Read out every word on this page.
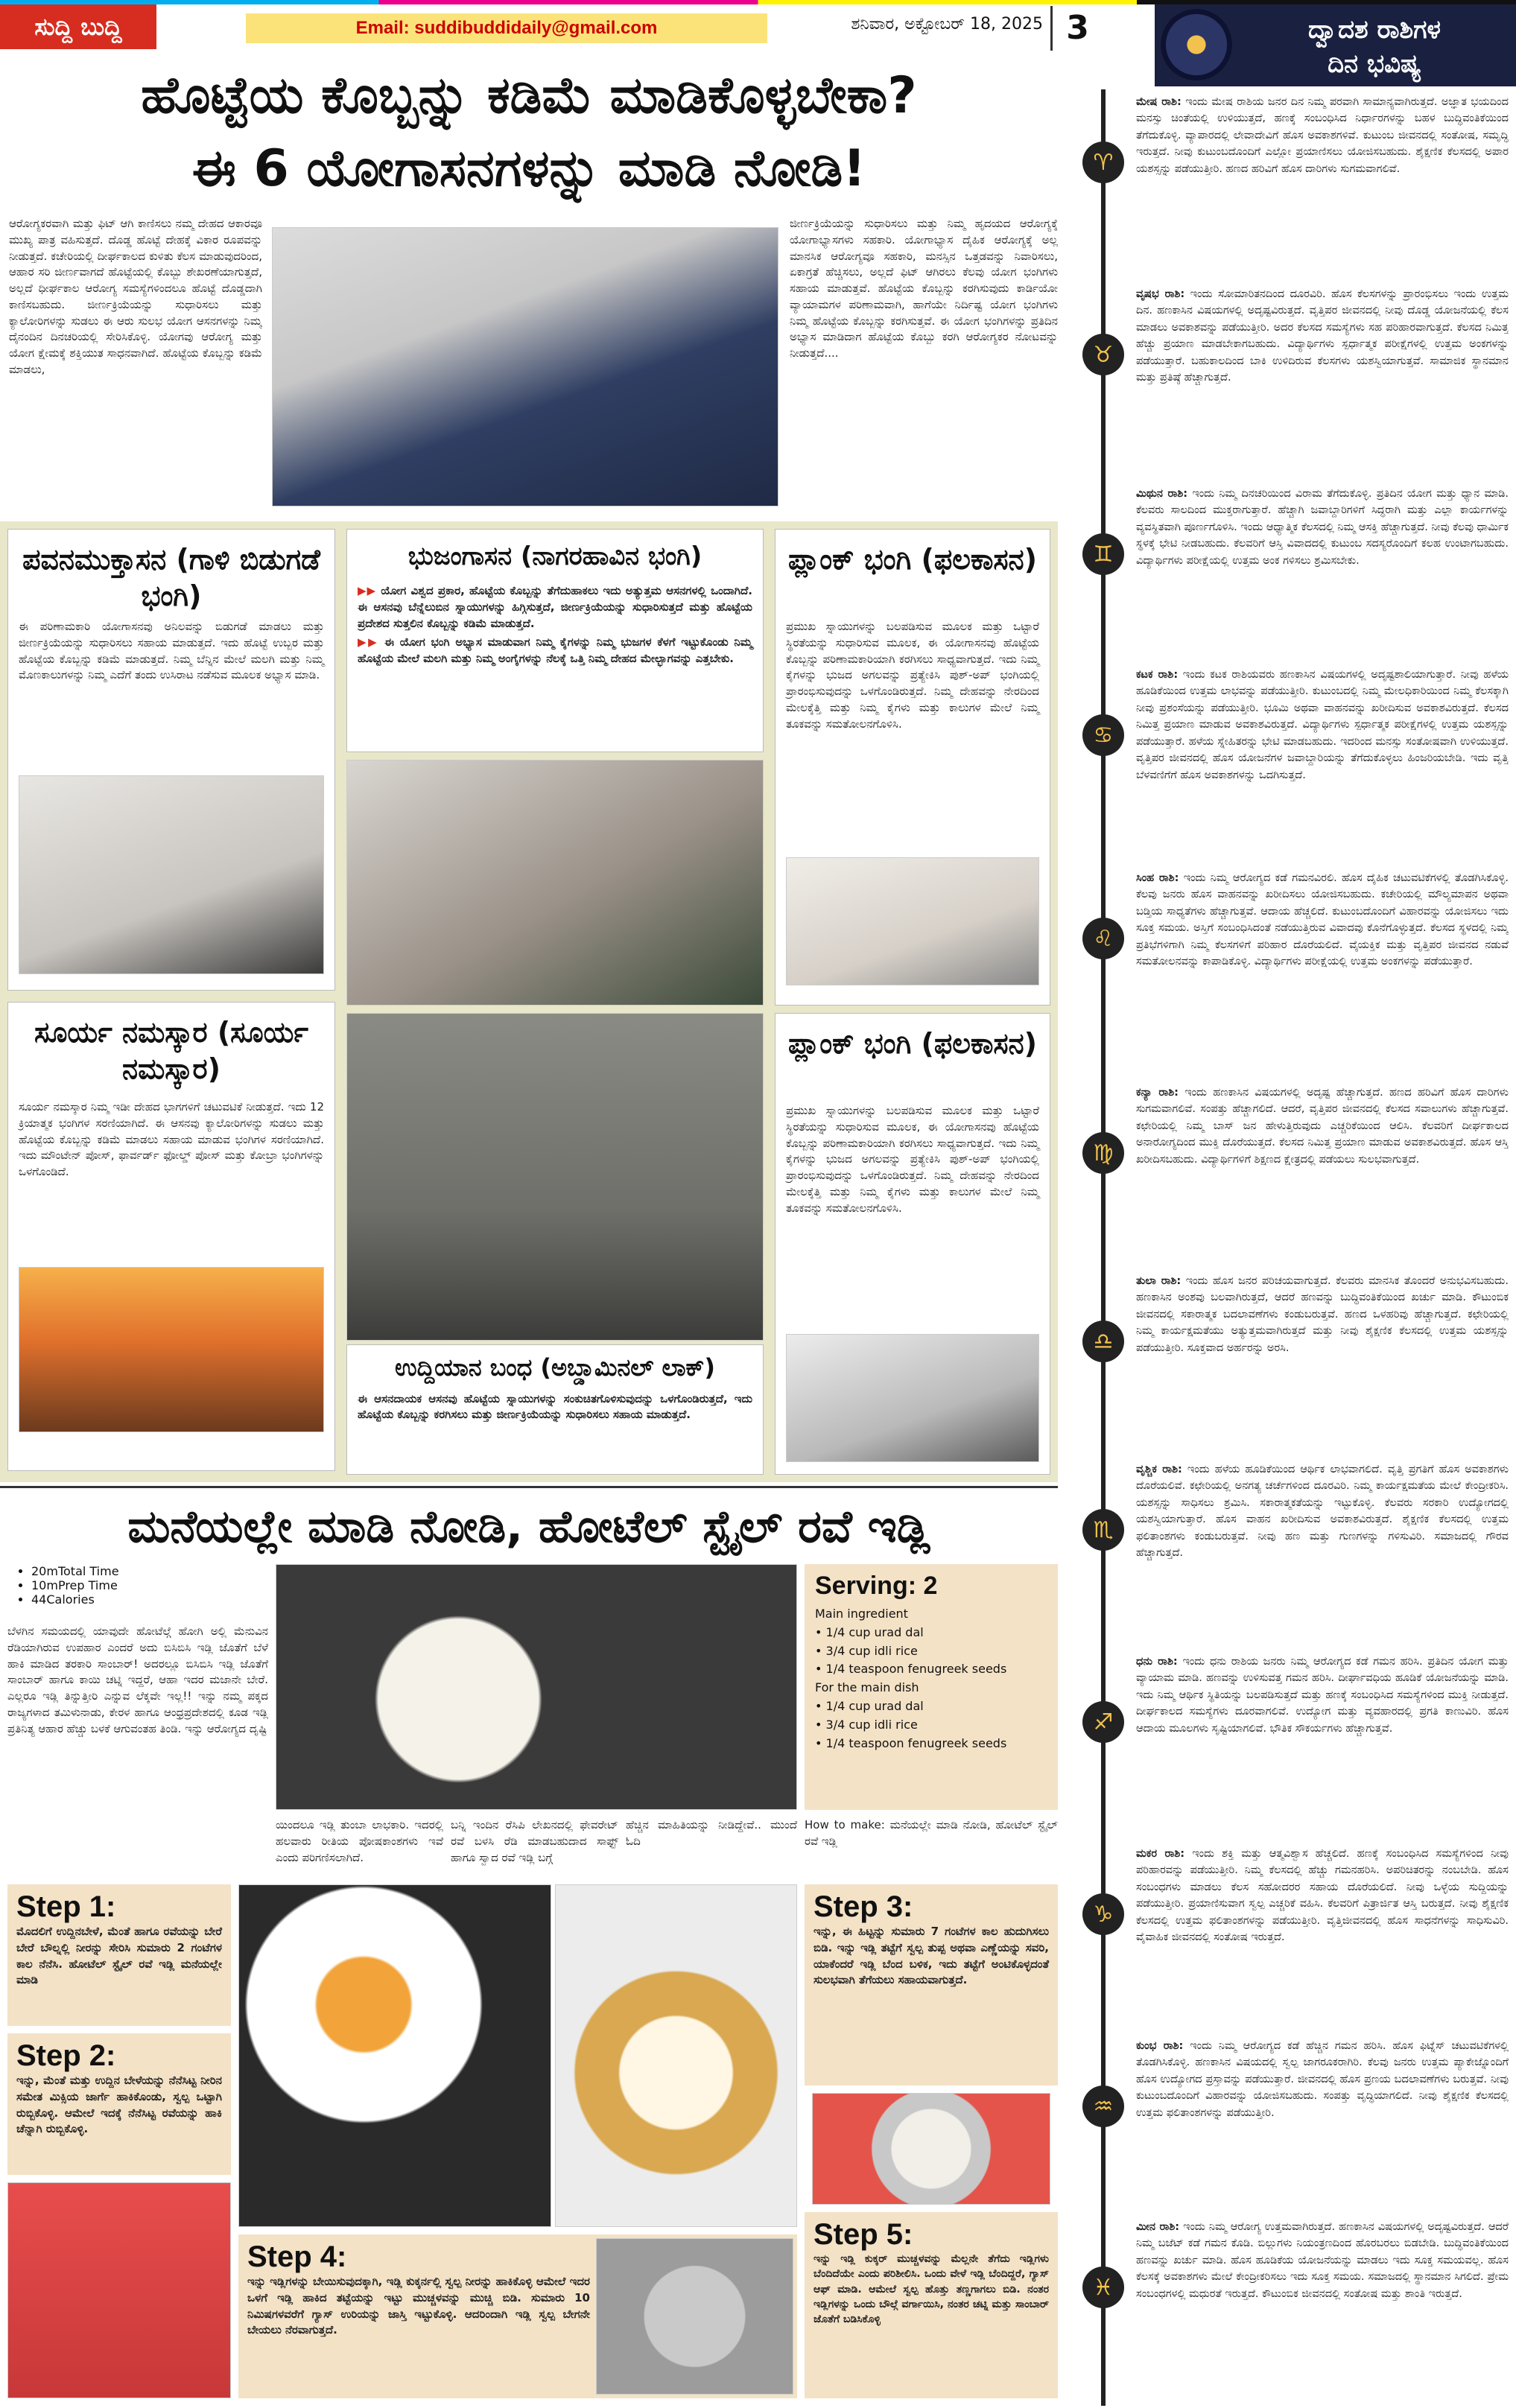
ಸುದ್ದಿ ಬುದ್ದಿ	Email: suddibuddidaily@gmail.com	ಶನಿವಾರ, ಅಕ್ಟೋಬರ್ 18, 2025 3
ಹೊಟ್ಟೆಯ ಕೊಬ್ಬನ್ನು ಕಡಿಮೆ ಮಾಡಿಕೊಳ್ಳಬೇಕಾ?
ಈ 6 ಯೋಗಾಸನಗಳನ್ನು ಮಾಡಿ ನೋಡಿ!
ಆರೋಗ್ಯಕರವಾಗಿ ಮತ್ತು ಫಿಟ್ ಆಗಿ ಕಾಣಿಸಲು ನಮ್ಮ ದೇಹದ ಆಕಾರವೂ ಮುಖ್ಯ ಪಾತ್ರ ವಹಿಸುತ್ತದೆ. ದೊಡ್ಡ ಹೊಟ್ಟೆ ದೇಹಕ್ಕೆ ವಿಕಾರ ರೂಪವನ್ನು ನೀಡುತ್ತದೆ. ಕಚೇರಿಯಲ್ಲಿ ದೀರ್ಘಕಾಲದ ಕುಳಿತು ಕೆಲಸ ಮಾಡುವುದರಿಂದ, ಆಹಾರ ಸರಿ ಜೀರ್ಣವಾಗದೆ ಹೊಟ್ಟೆಯಲ್ಲಿ ಕೊಬ್ಬು ಶೇಖರಣೆಯಾಗುತ್ತದೆ, ಅಲ್ಲದೆ ಧೀರ್ಘಕಾಲ ಆರೋಗ್ಯ ಸಮಸ್ಯೆಗಳಿಂದಲೂ ಹೊಟ್ಟೆ ದೊಡ್ಡದಾಗಿ ಕಾಣಿಸಬಹುದು. ಜೀರ್ಣಕ್ರಿಯೆಯನ್ನು ಸುಧಾರಿಸಲು ಮತ್ತು ಕ್ಯಾಲೋರಿಗಳನ್ನು ಸುಡಲು ಈ ಆರು ಸುಲಭ ಯೋಗ ಆಸನಗಳನ್ನು ನಿಮ್ಮ ದೈನಂದಿನ ದಿನಚರಿಯಲ್ಲಿ ಸೇರಿಸಿಕೊಳ್ಳಿ. ಯೋಗವು ಆರೋಗ್ಯ ಮತ್ತು ಯೋಗ ಕ್ಷೇಮಕ್ಕೆ ಶಕ್ತಿಯುತ ಸಾಧನವಾಗಿದೆ. ಹೊಟ್ಟೆಯ ಕೊಬ್ಬನ್ನು ಕಡಿಮೆ ಮಾಡಲು,
ಜೀರ್ಣಕ್ರಿಯೆಯನ್ನು ಸುಧಾರಿಸಲು ಮತ್ತು ನಿಮ್ಮ ಹೃದಯದ ಆರೋಗ್ಯಕ್ಕೆ ಯೋಗಾಭ್ಯಾಸಗಳು ಸಹಕಾರಿ. ಯೋಗಾಭ್ಯಾಸ ದೈಹಿಕ ಆರೋಗ್ಯಕ್ಕೆ ಅಲ್ಲ ಮಾನಸಿಕ ಆರೋಗ್ಯವೂ ಸಹಕಾರಿ, ಮನಸ್ಸಿನ ಒತ್ತಡವನ್ನು ನಿವಾರಿಸಲು, ಏಕಾಗ್ರತೆ ಹೆಚ್ಚಿಸಲು, ಅಲ್ಲದೆ ಫಿಟ್ ಆಗಿರಲು ಕೆಲವು ಯೋಗ ಭಂಗಿಗಳು ಸಹಾಯ ಮಾಡುತ್ತವೆ. ಹೊಟ್ಟೆಯ ಕೊಬ್ಬನ್ನು ಕರಗಿಸುವುದು ಕಾರ್ಡಿಯೋ ವ್ಯಾಯಾಮಗಳ ಪರಿಣಾಮವಾಗಿ, ಹಾಗೆಯೇ ನಿರ್ದಿಷ್ಟ ಯೋಗ ಭಂಗಿಗಳು ನಿಮ್ಮ ಹೊಟ್ಟೆಯ ಕೊಬ್ಬನ್ನು ಕರಗಿಸುತ್ತವೆ. ಈ ಯೋಗ ಭಂಗಿಗಳನ್ನು ಪ್ರತಿದಿನ ಅಭ್ಯಾಸ ಮಾಡಿದಾಗ ಹೊಟ್ಟೆಯ ಕೊಬ್ಬು ಕರಗಿ ಆರೋಗ್ಯಕರ ನೋಟವನ್ನು ನೀಡುತ್ತದೆ....
ಪವನಮುಕ್ತಾಸನ (ಗಾಳಿ ಬಿಡುಗಡೆ ಭಂಗಿ)
ಈ ಪರಿಣಾಮಕಾರಿ ಯೋಗಾಸನವು ಅನಿಲವನ್ನು ಬಿಡುಗಡೆ ಮಾಡಲು ಮತ್ತು ಜೀರ್ಣಕ್ರಿಯೆಯನ್ನು ಸುಧಾರಿಸಲು ಸಹಾಯ ಮಾಡುತ್ತದೆ. ಇದು ಹೊಟ್ಟೆ ಉಬ್ಬರ ಮತ್ತು ಹೊಟ್ಟೆಯ ಕೊಬ್ಬನ್ನು ಕಡಿಮೆ ಮಾಡುತ್ತದೆ. ನಿಮ್ಮ ಬೆನ್ನಿನ ಮೇಲೆ ಮಲಗಿ ಮತ್ತು ನಿಮ್ಮ ಮೊಣಕಾಲುಗಳನ್ನು ನಿಮ್ಮ ಎದೆಗೆ ತಂದು ಉಸಿರಾಟ ನಡೆಸುವ ಮೂಲಕ ಅಭ್ಯಾಸ ಮಾಡಿ.
ಭುಜಂಗಾಸನ (ನಾಗರಹಾವಿನ ಭಂಗಿ)
▶▶ ಯೋಗ ವಿಶ್ವದ ಪ್ರಕಾರ, ಹೊಟ್ಟೆಯ ಕೊಬ್ಬನ್ನು ತೆಗೆದುಹಾಕಲು ಇದು ಅತ್ಯುತ್ತಮ ಆಸನಗಳಲ್ಲಿ ಒಂದಾಗಿದೆ. ಈ ಆಸನವು ಬೆನ್ನೆಲುಬಿನ ಸ್ನಾಯುಗಳನ್ನು ಹಿಗ್ಗಿಸುತ್ತದೆ, ಜೀರ್ಣಕ್ರಿಯೆಯನ್ನು ಸುಧಾರಿಸುತ್ತದೆ ಮತ್ತು ಹೊಟ್ಟೆಯ ಪ್ರದೇಶದ ಸುತ್ತಲಿನ ಕೊಬ್ಬನ್ನು ಕಡಿಮೆ ಮಾಡುತ್ತದೆ.
▶▶ ಈ ಯೋಗ ಭಂಗಿ ಅಭ್ಯಾಸ ಮಾಡುವಾಗ ನಿಮ್ಮ ಕೈಗಳನ್ನು ನಿಮ್ಮ ಭುಜಗಳ ಕೆಳಗೆ ಇಟ್ಟುಕೊಂಡು ನಿಮ್ಮ ಹೊಟ್ಟೆಯ ಮೇಲೆ ಮಲಗಿ ಮತ್ತು ನಿಮ್ಮ ಅಂಗೈಗಳನ್ನು ನೆಲಕ್ಕೆ ಒತ್ತಿ ನಿಮ್ಮ ದೇಹದ ಮೇಲ್ಭಾಗವನ್ನು ಎತ್ತಬೇಕು.
ಪ್ಲಾಂಕ್ ಭಂಗಿ (ಫಲಕಾಸನ)
ಪ್ರಮುಖ ಸ್ನಾಯುಗಳನ್ನು ಬಲಪಡಿಸುವ ಮೂಲಕ ಮತ್ತು ಒಟ್ಟಾರೆ ಸ್ಥಿರತೆಯನ್ನು ಸುಧಾರಿಸುವ ಮೂಲಕ, ಈ ಯೋಗಾಸನವು ಹೊಟ್ಟೆಯ ಕೊಬ್ಬನ್ನು ಪರಿಣಾಮಕಾರಿಯಾಗಿ ಕರಗಿಸಲು ಸಾಧ್ಯವಾಗುತ್ತದೆ. ಇದು ನಿಮ್ಮ ಕೈಗಳನ್ನು ಭುಜದ ಅಗಲವನ್ನು ಪ್ರತ್ಯೇಕಿಸಿ ಪುಶ್-ಅಪ್ ಭಂಗಿಯಲ್ಲಿ ಪ್ರಾರಂಭಿಸುವುದನ್ನು ಒಳಗೊಂಡಿರುತ್ತದೆ. ನಿಮ್ಮ ದೇಹವನ್ನು ನೇರದಿಂದ ಮೇಲಕ್ಕೆತ್ತಿ ಮತ್ತು ನಿಮ್ಮ ಕೈಗಳು ಮತ್ತು ಕಾಲುಗಳ ಮೇಲೆ ನಿಮ್ಮ ತೂಕವನ್ನು ಸಮತೋಲನಗೊಳಿಸಿ.
ಸೂರ್ಯ ನಮಸ್ಕಾರ (ಸೂರ್ಯ ನಮಸ್ಕಾರ)
ಸೂರ್ಯ ನಮಸ್ಕಾರ ನಿಮ್ಮ ಇಡೀ ದೇಹದ ಭಾಗಗಳಿಗೆ ಚಟುವಟಿಕೆ ನೀಡುತ್ತದೆ. ಇದು 12 ಕ್ರಿಯಾತ್ಮಕ ಭಂಗಿಗಳ ಸರಣಿಯಾಗಿದೆ. ಈ ಆಸನವು ಕ್ಯಾಲೋರಿಗಳನ್ನು ಸುಡಲು ಮತ್ತು ಹೊಟ್ಟೆಯ ಕೊಬ್ಬನ್ನು ಕಡಿಮೆ ಮಾಡಲು ಸಹಾಯ ಮಾಡುವ ಭಂಗಿಗಳ ಸರಣಿಯಾಗಿದೆ. ಇದು ಮೌಂಟೇನ್ ಪೋಸ್, ಫಾರ್ವರ್ಡ್ ಫೋಲ್ಡ್ ಪೋಸ್ ಮತ್ತು ಕೋಬ್ರಾ ಭಂಗಿಗಳನ್ನು ಒಳಗೊಂಡಿದೆ.
ಪ್ಲಾಂಕ್ ಭಂಗಿ (ಫಲಕಾಸನ)
ಪ್ರಮುಖ ಸ್ನಾಯುಗಳನ್ನು ಬಲಪಡಿಸುವ ಮೂಲಕ ಮತ್ತು ಒಟ್ಟಾರೆ ಸ್ಥಿರತೆಯನ್ನು ಸುಧಾರಿಸುವ ಮೂಲಕ, ಈ ಯೋಗಾಸನವು ಹೊಟ್ಟೆಯ ಕೊಬ್ಬನ್ನು ಪರಿಣಾಮಕಾರಿಯಾಗಿ ಕರಗಿಸಲು ಸಾಧ್ಯವಾಗುತ್ತದೆ. ಇದು ನಿಮ್ಮ ಕೈಗಳನ್ನು ಭುಜದ ಅಗಲವನ್ನು ಪ್ರತ್ಯೇಕಿಸಿ ಪುಶ್-ಅಪ್ ಭಂಗಿಯಲ್ಲಿ ಪ್ರಾರಂಭಿಸುವುದನ್ನು ಒಳಗೊಂಡಿರುತ್ತದೆ. ನಿಮ್ಮ ದೇಹವನ್ನು ನೇರದಿಂದ ಮೇಲಕ್ಕೆತ್ತಿ ಮತ್ತು ನಿಮ್ಮ ಕೈಗಳು ಮತ್ತು ಕಾಲುಗಳ ಮೇಲೆ ನಿಮ್ಮ ತೂಕವನ್ನು ಸಮತೋಲನಗೊಳಿಸಿ.
ಉದ್ದಿಯಾನ ಬಂಧ (ಅಬ್ಡಾಮಿನಲ್ ಲಾಕ್)
ಈ ಆಸನದಾಯಕ ಆಸನವು ಹೊಟ್ಟೆಯ ಸ್ನಾಯುಗಳನ್ನು ಸಂಕುಚಿತಗೊಳಿಸುವುದನ್ನು ಒಳಗೊಂಡಿರುತ್ತದೆ, ಇದು ಹೊಟ್ಟೆಯ ಕೊಬ್ಬನ್ನು ಕರಗಿಸಲು ಮತ್ತು ಜೀರ್ಣಕ್ರಿಯೆಯನ್ನು ಸುಧಾರಿಸಲು ಸಹಾಯ ಮಾಡುತ್ತದೆ.
ಮನೆಯಲ್ಲೇ ಮಾಡಿ ನೋಡಿ, ಹೋಟೆಲ್ ಸ್ಟೈಲ್ ರವೆ ಇಡ್ಲಿ
• 20mTotal Time
• 10mPrep Time
• 44Calories
ಬೆಳಗಿನ ಸಮಯದಲ್ಲಿ ಯಾವುದೇ ಹೋಟೆಲ್ಗೆ ಹೋಗಿ ಅಲ್ಲಿ ಮೆನುವಿನ ರೆಡಿಯಾಗಿರುವ ಉಪಹಾರ ಎಂದರೆ ಅದು ಬಿಸಿಬಿಸಿ ಇಡ್ಲಿ ಜೊತೆಗೆ ಬೆಳೆ ಹಾಕಿ ಮಾಡಿದ ತರಕಾರಿ ಸಾಂಬಾರ್! ಅದರಲ್ಲೂ ಬಿಸಿಬಿಸಿ ಇಡ್ಲಿ ಜೊತೆಗೆ ಸಾಂಬಾರ್ ಹಾಗೂ ಕಾಯಿ ಚಟ್ನಿ ಇದ್ದರೆ, ಆಹಾ ಇದರ ಮಜಾನೇ ಬೇರೆ. ಎಲ್ಲರೂ ಇಡ್ಲಿ ತಿನ್ನುತ್ತೀರಿ ಎನ್ನುವ ಲೆಕ್ಕವೇ ಇಲ್ಲ!! ಇನ್ನು ನಮ್ಮ ಪಕ್ಕದ ರಾಜ್ಯಗಳಾದ ತಮಿಳುನಾಡು, ಕೇರಳ ಹಾಗೂ ಆಂಧ್ರಪ್ರದೇಶದಲ್ಲಿ ಕೂಡ ಇಡ್ಲಿ ಪ್ರತಿನಿತ್ಯ ಆಹಾರ ಹೆಚ್ಚು ಬಳಕೆ ಆಗುವಂತಹ ತಿಂಡಿ. ಇನ್ನು ಆರೋಗ್ಯದ ದೃಷ್ಟಿ
ಯಿಂದಲೂ ಇಡ್ಲಿ ತುಂಬಾ ಲಾಭಕಾರಿ. ಇದರಲ್ಲಿ ಹಲವಾರು ರೀತಿಯ ಪೋಷಕಾಂಶಗಳು ಇವೆ ಎಂದು ಪರಿಗಣಿಸಲಾಗಿದೆ.
ಬನ್ನಿ ಇಂದಿನ ರೆಸಿಪಿ ಲೇಖನದಲ್ಲಿ ಫೇವರೇಟ್ ರವೆ ಬಳಸಿ ರೆಡಿ ಮಾಡಬಹುದಾದ ಸಾಫ್ಟ್ ಹಾಗೂ ಸ್ವಾದ ರವೆ ಇಡ್ಲಿ ಬಗ್ಗೆ
ಹೆಚ್ಚಿನ ಮಾಹಿತಿಯನ್ನು ನೀಡಿದ್ದೇವೆ.. ಮುಂದೆ ಓದಿ
Serving: 2
Main ingredient
• 1/4 cup urad dal
• 3/4 cup idli rice
• 1/4 teaspoon fenugreek seeds
For the main dish
• 1/4 cup urad dal
• 3/4 cup idli rice
• 1/4 teaspoon fenugreek seeds
How to make: ಮನೆಯಲ್ಲೇ ಮಾಡಿ ನೋಡಿ, ಹೋಟೆಲ್ ಸ್ಟೈಲ್ ರವೆ ಇಡ್ಲಿ
Step 1:
ಮೊದಲಿಗೆ ಉದ್ದಿನಬೇಳೆ, ಮೆಂತೆ ಹಾಗೂ ರವೆಯನ್ನು ಬೇರೆ ಬೇರೆ ಬೌಲ್ನಲ್ಲಿ ನೀರನ್ನು ಸೇರಿಸಿ ಸುಮಾರು 2 ಗಂಟೆಗಳ ಕಾಲ ನೆನೆಸಿ. ಹೋಟೆಲ್ ಸ್ಟೈಲ್ ರವೆ ಇಡ್ಲಿ ಮನೆಯಲ್ಲೇ ಮಾಡಿ
Step 2:
ಇನ್ನು, ಮೆಂತೆ ಮತ್ತು ಉದ್ದಿನ ಬೇಳೆಯನ್ನು ನೆನೆಸಿಟ್ಟ ನೀರಿನ ಸಮೇತ ಮಿಕ್ಸಿಯ ಜಾರ್ಗೆ ಹಾಕಿಕೊಂಡು, ಸ್ವಲ್ಪ ಒಟ್ಟಾಗಿ ರುಬ್ಬಿಕೊಳ್ಳಿ. ಆಮೇಲೆ ಇದಕ್ಕೆ ನೆನೆಸಿಟ್ಟ ರವೆಯನ್ನು ಹಾಕಿ ಚೆನ್ನಾಗಿ ರುಬ್ಬಿಕೊಳ್ಳಿ.
Step 3:
ಇನ್ನು, ಈ ಹಿಟ್ಟನ್ನು ಸುಮಾರು 7 ಗಂಟೆಗಳ ಕಾಲ ಹುದುಗಿಸಲು ಬಿಡಿ. ಇನ್ನು ಇಡ್ಲಿ ತಟ್ಟೆಗೆ ಸ್ವಲ್ಪ ತುಪ್ಪ ಅಥವಾ ಎಣ್ಣೆಯನ್ನು ಸವರಿ, ಯಾಕೆಂದರೆ ಇಡ್ಲಿ ಬೆಂದ ಬಳಿಕ, ಇದು ತಟ್ಟೆಗೆ ಅಂಟಿಕೊಳ್ಳದಂತೆ ಸುಲಭವಾಗಿ ತೆಗೆಯಲು ಸಹಾಯವಾಗುತ್ತದೆ.
Step 4:
ಇನ್ನು ಇಡ್ಲಿಗಳನ್ನು ಬೇಯಿಸುವುದಕ್ಕಾಗಿ, ಇಡ್ಲಿ ಕುಕ್ಕರ್ನಲ್ಲಿ ಸ್ವಲ್ಪ ನೀರನ್ನು ಹಾಕಿಕೊಳ್ಳಿ ಆಮೇಲೆ ಇದರ ಒಳಗೆ ಇಡ್ಲಿ ಹಾಕಿದ ತಟ್ಟೆಯನ್ನು ಇಟ್ಟು ಮುಚ್ಚಳವನ್ನು ಮುಚ್ಚಿ ಬಿಡಿ. ಸುಮಾರು 10 ನಿಮಿಷಗಳವರೆಗೆ ಗ್ಯಾಸ್ ಉರಿಯನ್ನು ಜಾಸ್ತಿ ಇಟ್ಟುಕೊಳ್ಳಿ. ಆದರಿಂದಾಗಿ ಇಡ್ಲಿ ಸ್ವಲ್ಪ ಬೇಗನೇ ಬೇಯಲು ನೆರವಾಗುತ್ತದೆ.
Step 5:
ಇನ್ನು ಇಡ್ಲಿ ಕುಕ್ಕರ್ ಮುಚ್ಚಳವನ್ನು ಮೆಲ್ಲನೇ ತೆಗೆದು ಇಡ್ಲಿಗಳು ಬೆಂದಿದೆಯೇ ಎಂದು ಪರಿಶೀಲಿಸಿ. ಒಂದು ವೇಳೆ ಇಡ್ಲಿ ಬೆಂದಿದ್ದರೆ, ಗ್ಯಾಸ್ ಆಫ್ ಮಾಡಿ. ಆಮೇಲೆ ಸ್ವಲ್ಪ ಹೊತ್ತು ತಣ್ಣಗಾಗಲು ಬಿಡಿ. ನಂತರ ಇಡ್ಲಿಗಳನ್ನು ಒಂದು ಬೌಲ್ಗೆ ವರ್ಗಾಯಿಸಿ, ನಂತರ ಚಟ್ನಿ ಮತ್ತು ಸಾಂಬಾರ್ ಜೊತೆಗೆ ಬಡಿಸಿಕೊಳ್ಳಿ
ದ್ವಾದಶ ರಾಶಿಗಳ
ದಿನ ಭವಿಷ್ಯ
♈
ಮೇಷ ರಾಶಿ: ಇಂದು ಮೇಷ ರಾಶಿಯ ಜನರ ದಿನ ನಿಮ್ಮ ಪರವಾಗಿ ಸಾಮಾನ್ಯವಾಗಿರುತ್ತದೆ. ಅಜ್ಞಾತ ಭಯದಿಂದ ಮನಸ್ಸು ಚಿಂತೆಯಲ್ಲಿ ಉಳಿಯುತ್ತದೆ, ಹಣಕ್ಕೆ ಸಂಬಂಧಿಸಿದ ನಿರ್ಧಾರಗಳನ್ನು ಬಹಳ ಬುದ್ಧಿವಂತಿಕೆಯಿಂದ ತೆಗೆದುಕೊಳ್ಳಿ. ವ್ಯಾಪಾರದಲ್ಲಿ ಲೇವಾದೇವಿಗೆ ಹೊಸ ಅವಕಾಶಗಳಿವೆ. ಕುಟುಂಬ ಜೀವನದಲ್ಲಿ ಸಂತೋಷ, ಸಮೃದ್ಧಿ ಇರುತ್ತದೆ. ನೀವು ಕುಟುಂಬದೊಂದಿಗೆ ಎಲ್ಲೋ ಪ್ರಯಾಣಿಸಲು ಯೋಜಿಸಬಹುದು. ಶೈಕ್ಷಣಿಕ ಕೆಲಸದಲ್ಲಿ ಅಪಾರ ಯಶಸ್ಸನ್ನು ಪಡೆಯುತ್ತೀರಿ. ಹಣದ ಹರಿವಿಗೆ ಹೊಸ ದಾರಿಗಳು ಸುಗಮವಾಗಲಿವೆ.
♉
ವೃಷಭ ರಾಶಿ: ಇಂದು ಸೋಮಾರಿತನದಿಂದ ದೂರವಿರಿ. ಹೊಸ ಕೆಲಸಗಳನ್ನು ಪ್ರಾರಂಭಿಸಲು ಇಂದು ಉತ್ತಮ ದಿನ. ಹಣಕಾಸಿನ ವಿಷಯಗಳಲ್ಲಿ ಅದೃಷ್ಟವಿರುತ್ತದೆ. ವೃತ್ತಿಪರ ಜೀವನದಲ್ಲಿ ನೀವು ದೊಡ್ಡ ಯೋಜನೆಯಲ್ಲಿ ಕೆಲಸ ಮಾಡಲು ಅವಕಾಶವನ್ನು ಪಡೆಯುತ್ತೀರಿ. ಅದರ ಕೆಲಸದ ಸಮಸ್ಯೆಗಳು ಸಹ ಪರಿಹಾರವಾಗುತ್ತದೆ. ಕೆಲಸದ ನಿಮಿತ್ತ ಹೆಚ್ಚು ಪ್ರಯಾಣ ಮಾಡಬೇಕಾಗಬಹುದು. ವಿದ್ಯಾರ್ಥಿಗಳು ಸ್ಪರ್ಧಾತ್ಮಕ ಪರೀಕ್ಷೆಗಳಲ್ಲಿ ಉತ್ತಮ ಅಂಕಗಳನ್ನು ಪಡೆಯುತ್ತಾರೆ. ಬಹುಕಾಲದಿಂದ ಬಾಕಿ ಉಳಿದಿರುವ ಕೆಲಸಗಳು ಯಶಸ್ವಿಯಾಗುತ್ತವೆ. ಸಾಮಾಜಿಕ ಸ್ಥಾನಮಾನ ಮತ್ತು ಪ್ರತಿಷ್ಠೆ ಹೆಚ್ಚಾಗುತ್ತದೆ.
♊
ಮಿಥುನ ರಾಶಿ: ಇಂದು ನಿಮ್ಮ ದಿನಚರಿಯಿಂದ ವಿರಾಮ ತೆಗೆದುಕೊಳ್ಳಿ. ಪ್ರತಿದಿನ ಯೋಗ ಮತ್ತು ಧ್ಯಾನ ಮಾಡಿ. ಕೆಲವರು ಸಾಲದಿಂದ ಮುಕ್ತರಾಗುತ್ತಾರೆ. ಹೆಚ್ಚಾಗಿ ಜವಾಬ್ದಾರಿಗಳಿಗೆ ಸಿದ್ಧರಾಗಿ ಮತ್ತು ಎಲ್ಲಾ ಕಾರ್ಯಗಳನ್ನು ವ್ಯವಸ್ಥಿತವಾಗಿ ಪೂರ್ಣಗೊಳಿಸಿ. ಇಂದು ಆಧ್ಯಾತ್ಮಿಕ ಕೆಲಸದಲ್ಲಿ ನಿಮ್ಮ ಆಸಕ್ತಿ ಹೆಚ್ಚಾಗುತ್ತದೆ. ನೀವು ಕೆಲವು ಧಾರ್ಮಿಕ ಸ್ಥಳಕ್ಕೆ ಭೇಟಿ ನೀಡಬಹುದು. ಕೆಲವರಿಗೆ ಆಸ್ತಿ ವಿವಾದದಲ್ಲಿ ಕುಟುಂಬ ಸದಸ್ಯರೊಂದಿಗೆ ಕಲಹ ಉಂಟಾಗಬಹುದು. ವಿದ್ಯಾರ್ಥಿಗಳು ಪರೀಕ್ಷೆಯಲ್ಲಿ ಉತ್ತಮ ಅಂಕ ಗಳಿಸಲು ಶ್ರಮಿಸಬೇಕು.
♋
ಕಟಕ ರಾಶಿ: ಇಂದು ಕಟಕ ರಾಶಿಯವರು ಹಣಕಾಸಿನ ವಿಷಯಗಳಲ್ಲಿ ಅದೃಷ್ಟಶಾಲಿಯಾಗುತ್ತಾರೆ. ನೀವು ಹಳೆಯ ಹೂಡಿಕೆಯಿಂದ ಉತ್ತಮ ಲಾಭವನ್ನು ಪಡೆಯುತ್ತೀರಿ. ಕುಟುಂಬದಲ್ಲಿ ನಿಮ್ಮ ಮೇಲಧಿಕಾರಿಯಿಂದ ನಿಮ್ಮ ಕೆಲಸಕ್ಕಾಗಿ ನೀವು ಪ್ರಶಂಸೆಯನ್ನು ಪಡೆಯುತ್ತೀರಿ. ಭೂಮಿ ಅಥವಾ ವಾಹನವನ್ನು ಖರೀದಿಸುವ ಅವಕಾಶವಿರುತ್ತದೆ. ಕೆಲಸದ ನಿಮಿತ್ತ ಪ್ರಯಾಣ ಮಾಡುವ ಅವಕಾಶವಿರುತ್ತದೆ. ವಿದ್ಯಾರ್ಥಿಗಳು ಸ್ಪರ್ಧಾತ್ಮಕ ಪರೀಕ್ಷೆಗಳಲ್ಲಿ ಉತ್ತಮ ಯಶಸ್ಸನ್ನು ಪಡೆಯುತ್ತಾರೆ. ಹಳೆಯ ಸ್ನೇಹಿತರನ್ನು ಭೇಟಿ ಮಾಡಬಹುದು. ಇದರಿಂದ ಮನಸ್ಸು ಸಂತೋಷವಾಗಿ ಉಳಿಯುತ್ತದೆ. ವೃತ್ತಿಪರ ಜೀವನದಲ್ಲಿ ಹೊಸ ಯೋಜನೆಗಳ ಜವಾಬ್ದಾರಿಯನ್ನು ತೆಗೆದುಕೊಳ್ಳಲು ಹಿಂಜರಿಯಬೇಡಿ. ಇದು ವೃತ್ತಿ ಬೆಳವಣಿಗೆಗೆ ಹೊಸ ಅವಕಾಶಗಳನ್ನು ಒದಗಿಸುತ್ತದೆ.
♌
ಸಿಂಹ ರಾಶಿ: ಇಂದು ನಿಮ್ಮ ಆರೋಗ್ಯದ ಕಡೆ ಗಮನವಿರಲಿ. ಹೊಸ ದೈಹಿಕ ಚಟುವಟಿಕೆಗಳಲ್ಲಿ ತೊಡಗಿಸಿಕೊಳ್ಳಿ. ಕೆಲವು ಜನರು ಹೊಸ ವಾಹನವನ್ನು ಖರೀದಿಸಲು ಯೋಜಿಸಬಹುದು. ಕಚೇರಿಯಲ್ಲಿ ಮೌಲ್ಯಮಾಪನ ಅಥವಾ ಬಡ್ತಿಯ ಸಾಧ್ಯತೆಗಳು ಹೆಚ್ಚಾಗುತ್ತವೆ. ಆದಾಯ ಹೆಚ್ಚಲಿದೆ. ಕುಟುಂಬದೊಂದಿಗೆ ವಿಹಾರವನ್ನು ಯೋಜಿಸಲು ಇದು ಸೂಕ್ತ ಸಮಯ. ಅಸ್ತಿಗೆ ಸಂಬಂಧಿಸಿದಂತೆ ನಡೆಯುತ್ತಿರುವ ವಿವಾದವು ಕೊನೆಗೊಳ್ಳುತ್ತದೆ. ಕೆಲಸದ ಸ್ಥಳದಲ್ಲಿ ನಿಮ್ಮ ಪ್ರತಿಭೆಗಳಿಗಾಗಿ ನಿಮ್ಮ ಕೆಲಸಗಳಿಗೆ ಪರಿಹಾರ ದೊರೆಯಲಿದೆ. ವೈಯಕ್ತಿಕ ಮತ್ತು ವೃತ್ತಿಪರ ಜೀವನದ ನಡುವೆ ಸಮತೋಲನವನ್ನು ಕಾಪಾಡಿಕೊಳ್ಳಿ. ವಿದ್ಯಾರ್ಥಿಗಳು ಪರೀಕ್ಷೆಯಲ್ಲಿ ಉತ್ತಮ ಅಂಕಗಳನ್ನು ಪಡೆಯುತ್ತಾರೆ.
♍
ಕನ್ಯಾ ರಾಶಿ: ಇಂದು ಹಣಕಾಸಿನ ವಿಷಯಗಳಲ್ಲಿ ಅದೃಷ್ಟ ಹೆಚ್ಚಾಗುತ್ತದೆ. ಹಣದ ಹರಿವಿಗೆ ಹೊಸ ದಾರಿಗಳು ಸುಗಮವಾಗಲಿವೆ. ಸಂಪತ್ತು ಹೆಚ್ಚಾಗಲಿದೆ. ಆದರೆ, ವೃತ್ತಿಪರ ಜೀವನದಲ್ಲಿ ಕೆಲಸದ ಸವಾಲುಗಳು ಹೆಚ್ಚಾಗುತ್ತವೆ. ಕಛೇರಿಯಲ್ಲಿ ನಿಮ್ಮ ಬಾಸ್ ಜನ ಹೇಳುತ್ತಿರುವುದು ಎಚ್ಚರಿಕೆಯಿಂದ ಆಲಿಸಿ. ಕೆಲವರಿಗೆ ದೀರ್ಘಕಾಲದ ಅನಾರೋಗ್ಯದಿಂದ ಮುಕ್ತಿ ದೊರೆಯುತ್ತದೆ. ಕೆಲಸದ ನಿಮಿತ್ತ ಪ್ರಯಾಣ ಮಾಡುವ ಅವಕಾಶವಿರುತ್ತದೆ. ಹೊಸ ಆಸ್ತಿ ಖರೀದಿಸಬಹುದು. ವಿದ್ಯಾರ್ಥಿಗಳಿಗೆ ಶಿಕ್ಷಣದ ಕ್ಷೇತ್ರದಲ್ಲಿ ಪಡೆಯಲು ಸುಲಭವಾಗುತ್ತದೆ.
♎
ತುಲಾ ರಾಶಿ: ಇಂದು ಹೊಸ ಜನರ ಪರಿಚಯವಾಗುತ್ತದೆ. ಕೆಲವರು ಮಾನಸಿಕ ತೊಂದರೆ ಅನುಭವಿಸಬಹುದು. ಹಣಕಾಸಿನ ಅಂಶವು ಬಲವಾಗಿರುತ್ತದೆ, ಆದರೆ ಹಣವನ್ನು ಬುದ್ಧಿವಂತಿಕೆಯಿಂದ ಖರ್ಚು ಮಾಡಿ. ಕೌಟುಂಬಿಕ ಜೀವನದಲ್ಲಿ ಸಕಾರಾತ್ಮಕ ಬದಲಾವಣೆಗಳು ಕಂಡುಬರುತ್ತವೆ. ಹಣದ ಒಳಹರಿವು ಹೆಚ್ಚಾಗುತ್ತದೆ. ಕಛೇರಿಯಲ್ಲಿ ನಿಮ್ಮ ಕಾರ್ಯಕ್ಷಮತೆಯು ಅತ್ಯುತ್ತಮವಾಗಿರುತ್ತದೆ ಮತ್ತು ನೀವು ಶೈಕ್ಷಣಿಕ ಕೆಲಸದಲ್ಲಿ ಉತ್ತಮ ಯಶಸ್ಸನ್ನು ಪಡೆಯುತ್ತೀರಿ. ಸೂಕ್ತವಾದ ಅರ್ಹರನ್ನು ಅರಸಿ.
♏
ವೃಶ್ಚಿಕ ರಾಶಿ: ಇಂದು ಹಳೆಯ ಹೂಡಿಕೆಯಿಂದ ಆರ್ಥಿಕ ಲಾಭವಾಗಲಿದೆ. ವೃತ್ತಿ ಪ್ರಗತಿಗೆ ಹೊಸ ಅವಕಾಶಗಳು ದೊರೆಯಲಿವೆ. ಕಛೇರಿಯಲ್ಲಿ ಅನಗತ್ಯ ಚರ್ಚೆಗಳಿಂದ ದೂರವಿರಿ. ನಿಮ್ಮ ಕಾರ್ಯಕ್ಷಮತೆಯ ಮೇಲೆ ಕೇಂದ್ರೀಕರಿಸಿ. ಯಶಸ್ಸನ್ನು ಸಾಧಿಸಲು ಶ್ರಮಿಸಿ. ಸಕಾರಾತ್ಮಕತೆಯನ್ನು ಇಟ್ಟುಕೊಳ್ಳಿ. ಕೆಲವರು ಸರಕಾರಿ ಉದ್ಯೋಗದಲ್ಲಿ ಯಶಸ್ವಿಯಾಗುತ್ತಾರೆ. ಹೊಸ ವಾಹನ ಖರೀದಿಸುವ ಅವಕಾಶವಿರುತ್ತದೆ. ಶೈಕ್ಷಣಿಕ ಕೆಲಸದಲ್ಲಿ ಉತ್ತಮ ಫಲಿತಾಂಶಗಳು ಕಂಡುಬರುತ್ತವೆ. ನೀವು ಹಣ ಮತ್ತು ಗುಣಗಳನ್ನು ಗಳಿಸುವಿರಿ. ಸಮಾಜದಲ್ಲಿ ಗೌರವ ಹೆಚ್ಚಾಗುತ್ತದೆ.
♐
ಧನು ರಾಶಿ: ಇಂದು ಧನು ರಾಶಿಯ ಜನರು ನಿಮ್ಮ ಆರೋಗ್ಯದ ಕಡೆ ಗಮನ ಹರಿಸಿ. ಪ್ರತಿದಿನ ಯೋಗ ಮತ್ತು ವ್ಯಾಯಾಮ ಮಾಡಿ. ಹಣವನ್ನು ಉಳಿಸುವತ್ತ ಗಮನ ಹರಿಸಿ. ದೀರ್ಘಾವಧಿಯ ಹೂಡಿಕೆ ಯೋಜನೆಯನ್ನು ಮಾಡಿ. ಇದು ನಿಮ್ಮ ಆರ್ಥಿಕ ಸ್ಥಿತಿಯನ್ನು ಬಲಪಡಿಸುತ್ತದೆ ಮತ್ತು ಹಣಕ್ಕೆ ಸಂಬಂಧಿಸಿದ ಸಮಸ್ಯೆಗಳಿಂದ ಮುಕ್ತಿ ನೀಡುತ್ತದೆ. ದೀರ್ಘಕಾಲದ ಸಮಸ್ಯೆಗಳು ದೂರವಾಗಲಿವೆ. ಉದ್ಯೋಗ ಮತ್ತು ವ್ಯವಹಾರದಲ್ಲಿ ಪ್ರಗತಿ ಕಾಣುವಿರಿ. ಹೊಸ ಆದಾಯ ಮೂಲಗಳು ಸೃಷ್ಟಿಯಾಗಲಿವೆ. ಭೌತಿಕ ಸೌಕರ್ಯಗಳು ಹೆಚ್ಚಾಗುತ್ತವೆ.
♑
ಮಕರ ರಾಶಿ: ಇಂದು ಶಕ್ತಿ ಮತ್ತು ಆತ್ಮವಿಶ್ವಾಸ ಹೆಚ್ಚಲಿದೆ. ಹಣಕ್ಕೆ ಸಂಬಂಧಿಸಿದ ಸಮಸ್ಯೆಗಳಿಂದ ನೀವು ಪರಿಹಾರವನ್ನು ಪಡೆಯುತ್ತೀರಿ. ನಿಮ್ಮ ಕೆಲಸದಲ್ಲಿ ಹೆಚ್ಚು ಗಮನಹರಿಸಿ. ಅಪರಿಚಿತರನ್ನು ನಂಬಬೇಡಿ. ಹೊಸ ಸಂಬಂಧಗಳು ಮಾಡಲು ಕೆಲಸ ಸಹೋದರರ ಸಹಾಯ ದೊರೆಯಲಿದೆ. ನೀವು ಒಳ್ಳೆಯ ಸುದ್ದಿಯನ್ನು ಪಡೆಯುತ್ತೀರಿ. ಪ್ರಯಾಣಿಸುವಾಗ ಸ್ವಲ್ಪ ಎಚ್ಚರಿಕೆ ವಹಿಸಿ. ಕೆಲವರಿಗೆ ಪಿತ್ರಾರ್ಜಿತ ಆಸ್ತಿ ಬರುತ್ತದೆ. ನೀವು ಶೈಕ್ಷಣಿಕ ಕೆಲಸದಲ್ಲಿ ಉತ್ತಮ ಫಲಿತಾಂಶಗಳನ್ನು ಪಡೆಯುತ್ತೀರಿ. ವೃತ್ತಿಜೀವನದಲ್ಲಿ ಹೊಸ ಸಾಧನೆಗಳನ್ನು ಸಾಧಿಸುವಿರಿ. ವೈವಾಹಿಕ ಜೀವನದಲ್ಲಿ ಸಂತೋಷ ಇರುತ್ತದೆ.
♒
ಕುಂಭ ರಾಶಿ: ಇಂದು ನಿಮ್ಮ ಆರೋಗ್ಯದ ಕಡೆ ಹೆಚ್ಚಿನ ಗಮನ ಹರಿಸಿ. ಹೊಸ ಫಿಟ್ನೆಸ್ ಚಟುವಟಿಕೆಗಳಲ್ಲಿ ತೊಡಗಿಸಿಕೊಳ್ಳಿ. ಹಣಕಾಸಿನ ವಿಷಯದಲ್ಲಿ ಸ್ವಲ್ಪ ಜಾಗರೂಕರಾಗಿರಿ. ಕೆಲವು ಜನರು ಉತ್ತಮ ಪ್ಯಾಕೇಜ್ನೊಂದಿಗೆ ಹೊಸ ಉದ್ಯೋಗದ ಪ್ರಸ್ತಾವನ್ನು ಪಡೆಯುತ್ತಾರೆ. ಜೀವನದಲ್ಲಿ ಹೊಸ ಪ್ರಣಯ ಬದಲಾವಣೆಗಳು ಬರುತ್ತವೆ. ನೀವು ಕುಟುಂಬದೊಂದಿಗೆ ವಿಹಾರವನ್ನು ಯೋಜಿಸಬಹುದು. ಸಂಪತ್ತು ವೃದ್ಧಿಯಾಗಲಿದೆ. ನೀವು ಶೈಕ್ಷಣಿಕ ಕೆಲಸದಲ್ಲಿ ಉತ್ತಮ ಫಲಿತಾಂಶಗಳನ್ನು ಪಡೆಯುತ್ತೀರಿ.
♓
ಮೀನ ರಾಶಿ: ಇಂದು ನಿಮ್ಮ ಆರೋಗ್ಯ ಉತ್ತಮವಾಗಿರುತ್ತದೆ. ಹಣಕಾಸಿನ ವಿಷಯಗಳಲ್ಲಿ ಅದೃಷ್ಟವಿರುತ್ತದೆ. ಆದರೆ ನಿಮ್ಮ ಬಜೆಟ್ ಕಡೆ ಗಮನ ಕೊಡಿ. ಬಿಲ್ಲುಗಳು ನಿಯಂತ್ರಣದಿಂದ ಹೊರಬರಲು ಬಿಡಬೇಡಿ. ಬುದ್ಧಿವಂತಿಕೆಯಿಂದ ಹಣವನ್ನು ಖರ್ಚು ಮಾಡಿ. ಹೊಸ ಹೂಡಿಕೆಯ ಯೋಜನೆಯನ್ನು ಮಾಡಲು ಇದು ಸೂಕ್ತ ಸಮಯವಲ್ಲ. ಹೊಸ ಕೆಲಸಕ್ಕೆ ಅವಕಾಶಗಳು ಮೇಲೆ ಕೇಂದ್ರೀಕರಿಸಲು ಇದು ಸೂಕ್ತ ಸಮಯ. ಸಮಾಜದಲ್ಲಿ ಸ್ಥಾನಮಾನ ಸಿಗಲಿದೆ. ಪ್ರೇಮ ಸಂಬಂಧಗಳಲ್ಲಿ ಮಧುರತೆ ಇರುತ್ತದೆ. ಕೌಟುಂಬಿಕ ಜೀವನದಲ್ಲಿ ಸಂತೋಷ ಮತ್ತು ಶಾಂತಿ ಇರುತ್ತದೆ.
